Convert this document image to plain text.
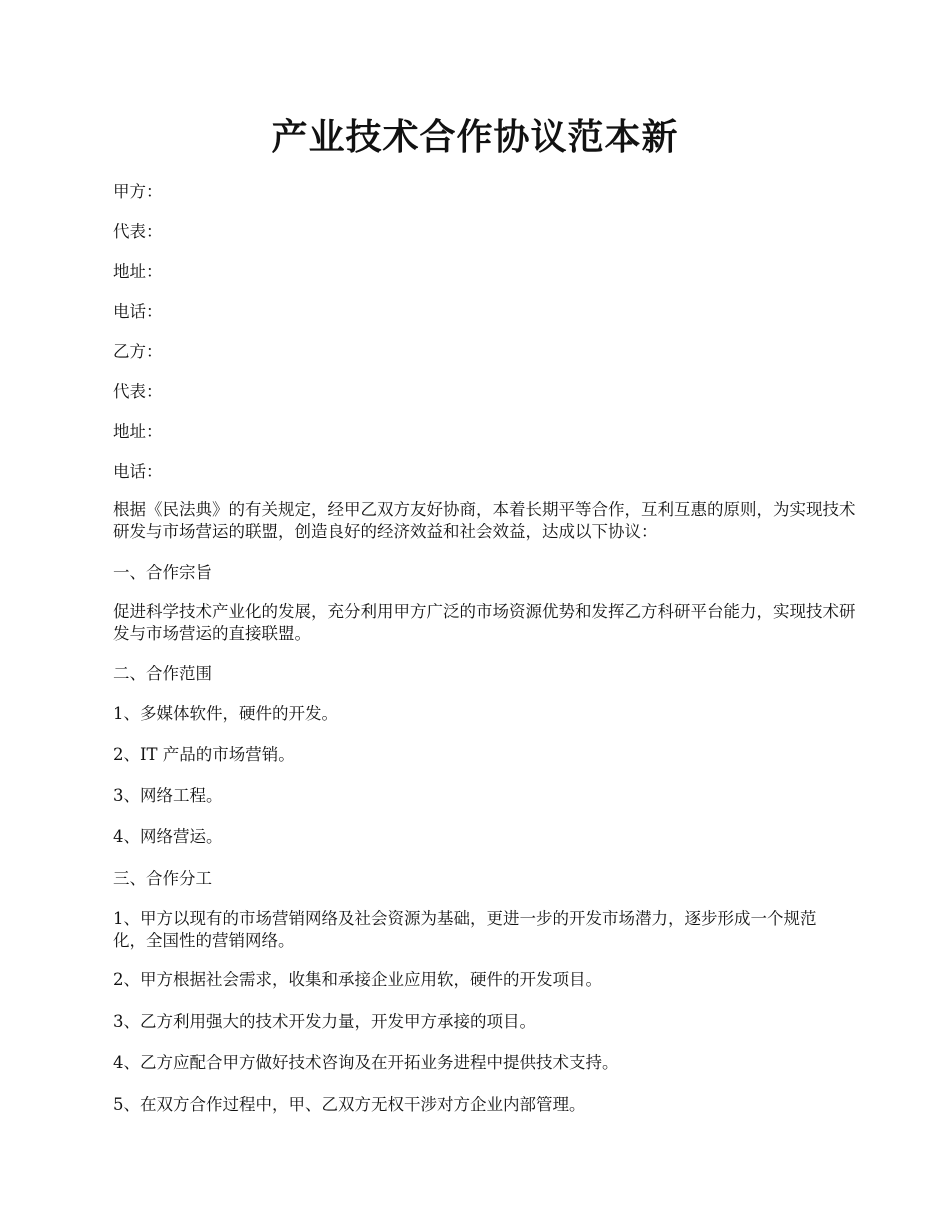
产业技术合作协议范本新

甲方：

代表：

地址：

电话：

乙方：

代表：

地址：

电话：

根据《民法典》的有关规定，经甲乙双方友好协商，本着长期平等合作，互利互惠的原则，为实现技术研发与市场营运的联盟，创造良好的经济效益和社会效益，达成以下协议：

一、合作宗旨

促进科学技术产业化的发展，充分利用甲方广泛的市场资源优势和发挥乙方科研平台能力，实现技术研发与市场营运的直接联盟。

二、合作范围

1、多媒体软件，硬件的开发。

2、IT 产品的市场营销。

3、网络工程。

4、网络营运。

三、合作分工

1、甲方以现有的市场营销网络及社会资源为基础，更进一步的开发市场潜力，逐步形成一个规范化，全国性的营销网络。

2、甲方根据社会需求，收集和承接企业应用软，硬件的开发项目。

3、乙方利用强大的技术开发力量，开发甲方承接的项目。

4、乙方应配合甲方做好技术咨询及在开拓业务进程中提供技术支持。

5、在双方合作过程中，甲、乙双方无权干涉对方企业内部管理。
